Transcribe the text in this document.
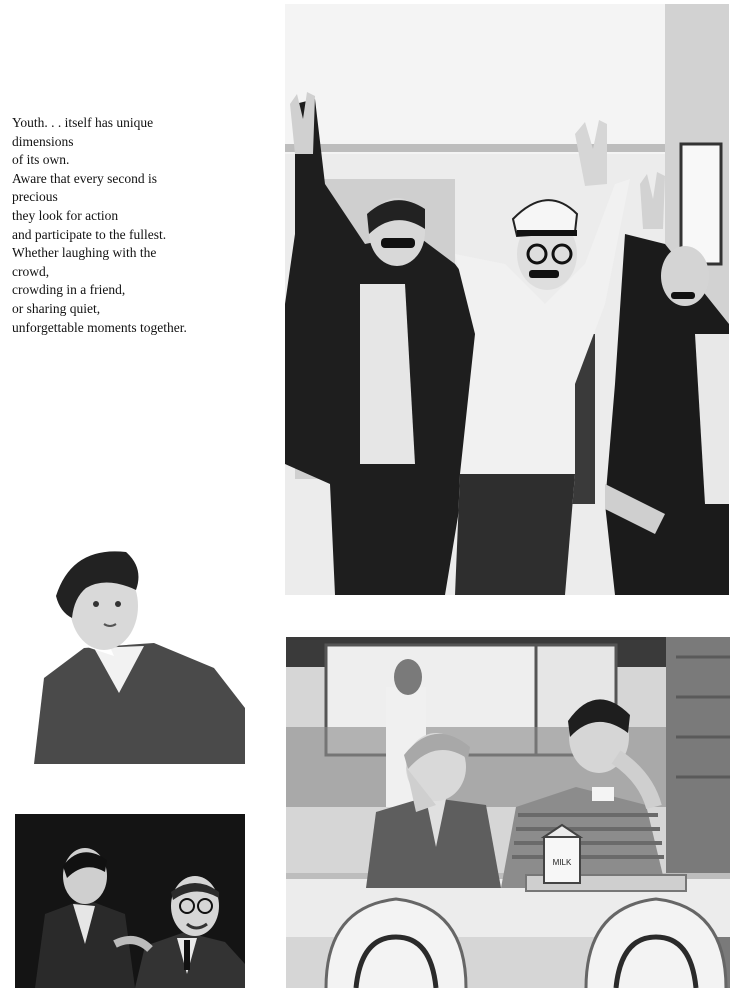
Youth. . . itself has unique
dimensions
of its own.
Aware that every second is
precious
they look for action
and participate to the fullest.
Whether laughing with the
crowd,
crowding in a friend,
or sharing quiet,
unforgettable moments together.
MILK
